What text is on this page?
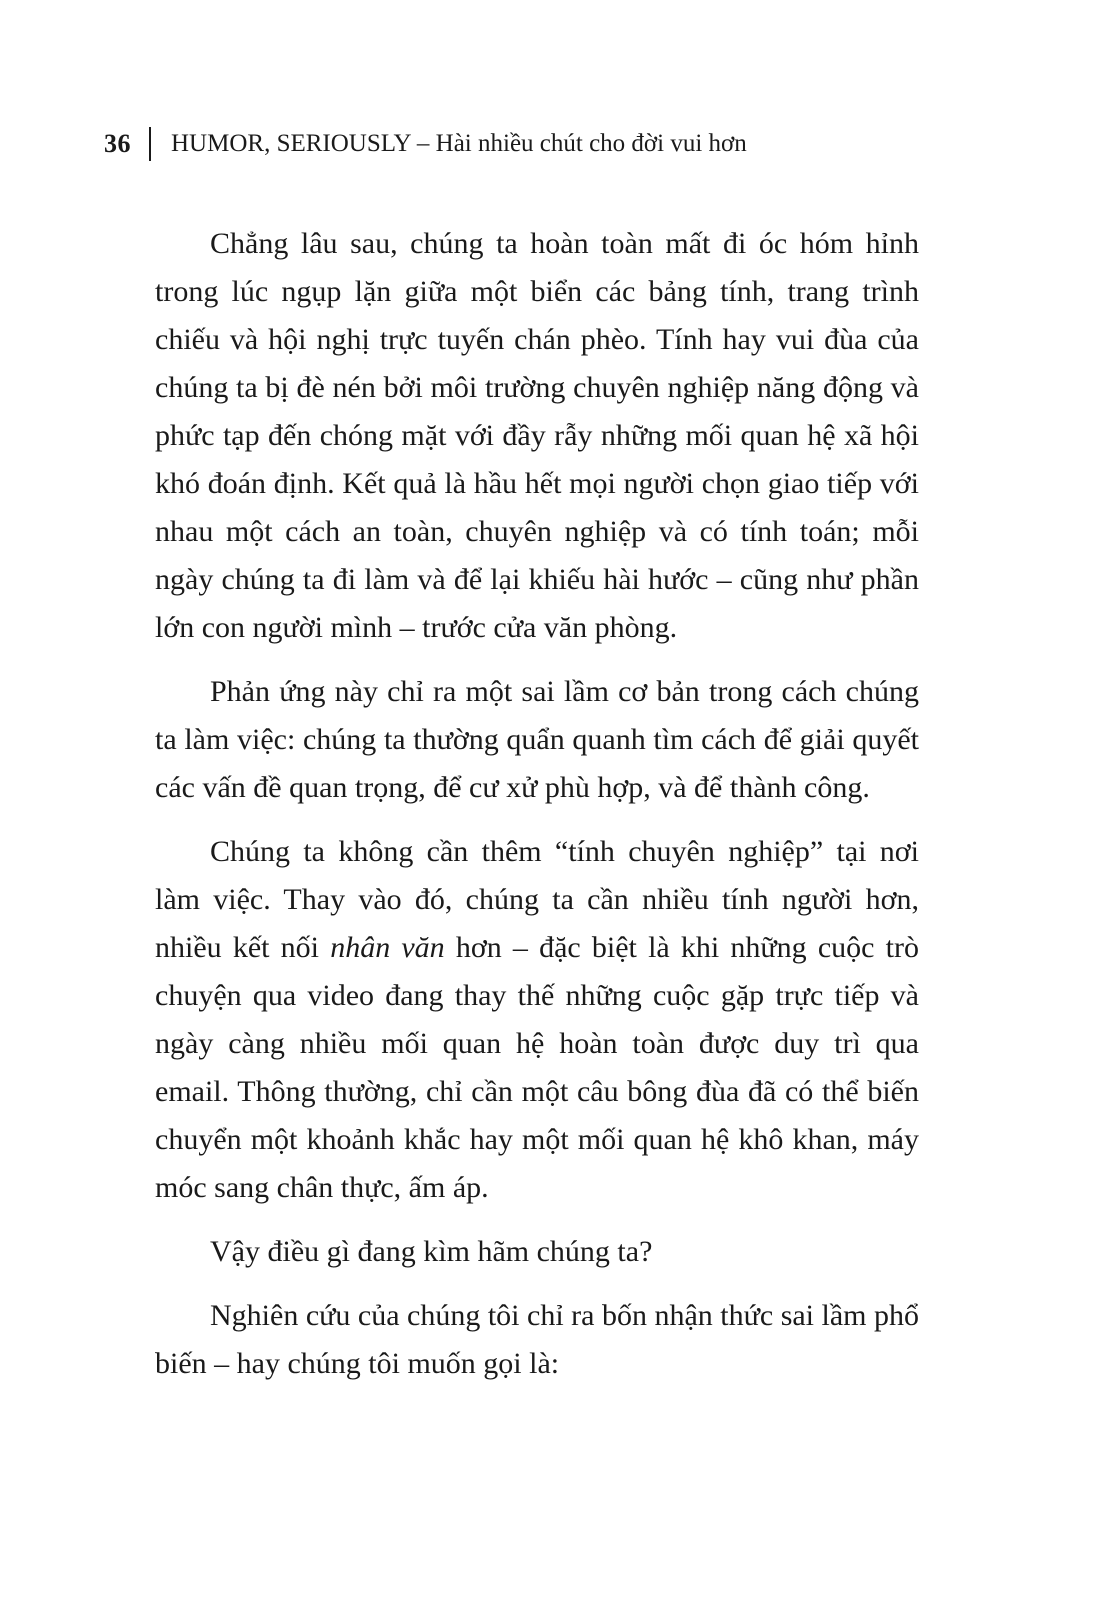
36 HUMOR, SERIOUSLY – Hài nhiều chút cho đời vui hơn

Chẳng lâu sau, chúng ta hoàn toàn mất đi óc hóm hỉnh trong lúc ngụp lặn giữa một biển các bảng tính, trang trình chiếu và hội nghị trực tuyến chán phèo. Tính hay vui đùa của chúng ta bị đè nén bởi môi trường chuyên nghiệp năng động và phức tạp đến chóng mặt với đầy rẫy những mối quan hệ xã hội khó đoán định. Kết quả là hầu hết mọi người chọn giao tiếp với nhau một cách an toàn, chuyên nghiệp và có tính toán; mỗi ngày chúng ta đi làm và để lại khiếu hài hước – cũng như phần lớn con người mình – trước cửa văn phòng.

Phản ứng này chỉ ra một sai lầm cơ bản trong cách chúng ta làm việc: chúng ta thường quẩn quanh tìm cách để giải quyết các vấn đề quan trọng, để cư xử phù hợp, và để thành công.

Chúng ta không cần thêm “tính chuyên nghiệp” tại nơi làm việc. Thay vào đó, chúng ta cần nhiều tính người hơn, nhiều kết nối nhân văn hơn – đặc biệt là khi những cuộc trò chuyện qua video đang thay thế những cuộc gặp trực tiếp và ngày càng nhiều mối quan hệ hoàn toàn được duy trì qua email. Thông thường, chỉ cần một câu bông đùa đã có thể biến chuyển một khoảnh khắc hay một mối quan hệ khô khan, máy móc sang chân thực, ấm áp.

Vậy điều gì đang kìm hãm chúng ta?

Nghiên cứu của chúng tôi chỉ ra bốn nhận thức sai lầm phổ biến – hay chúng tôi muốn gọi là:
